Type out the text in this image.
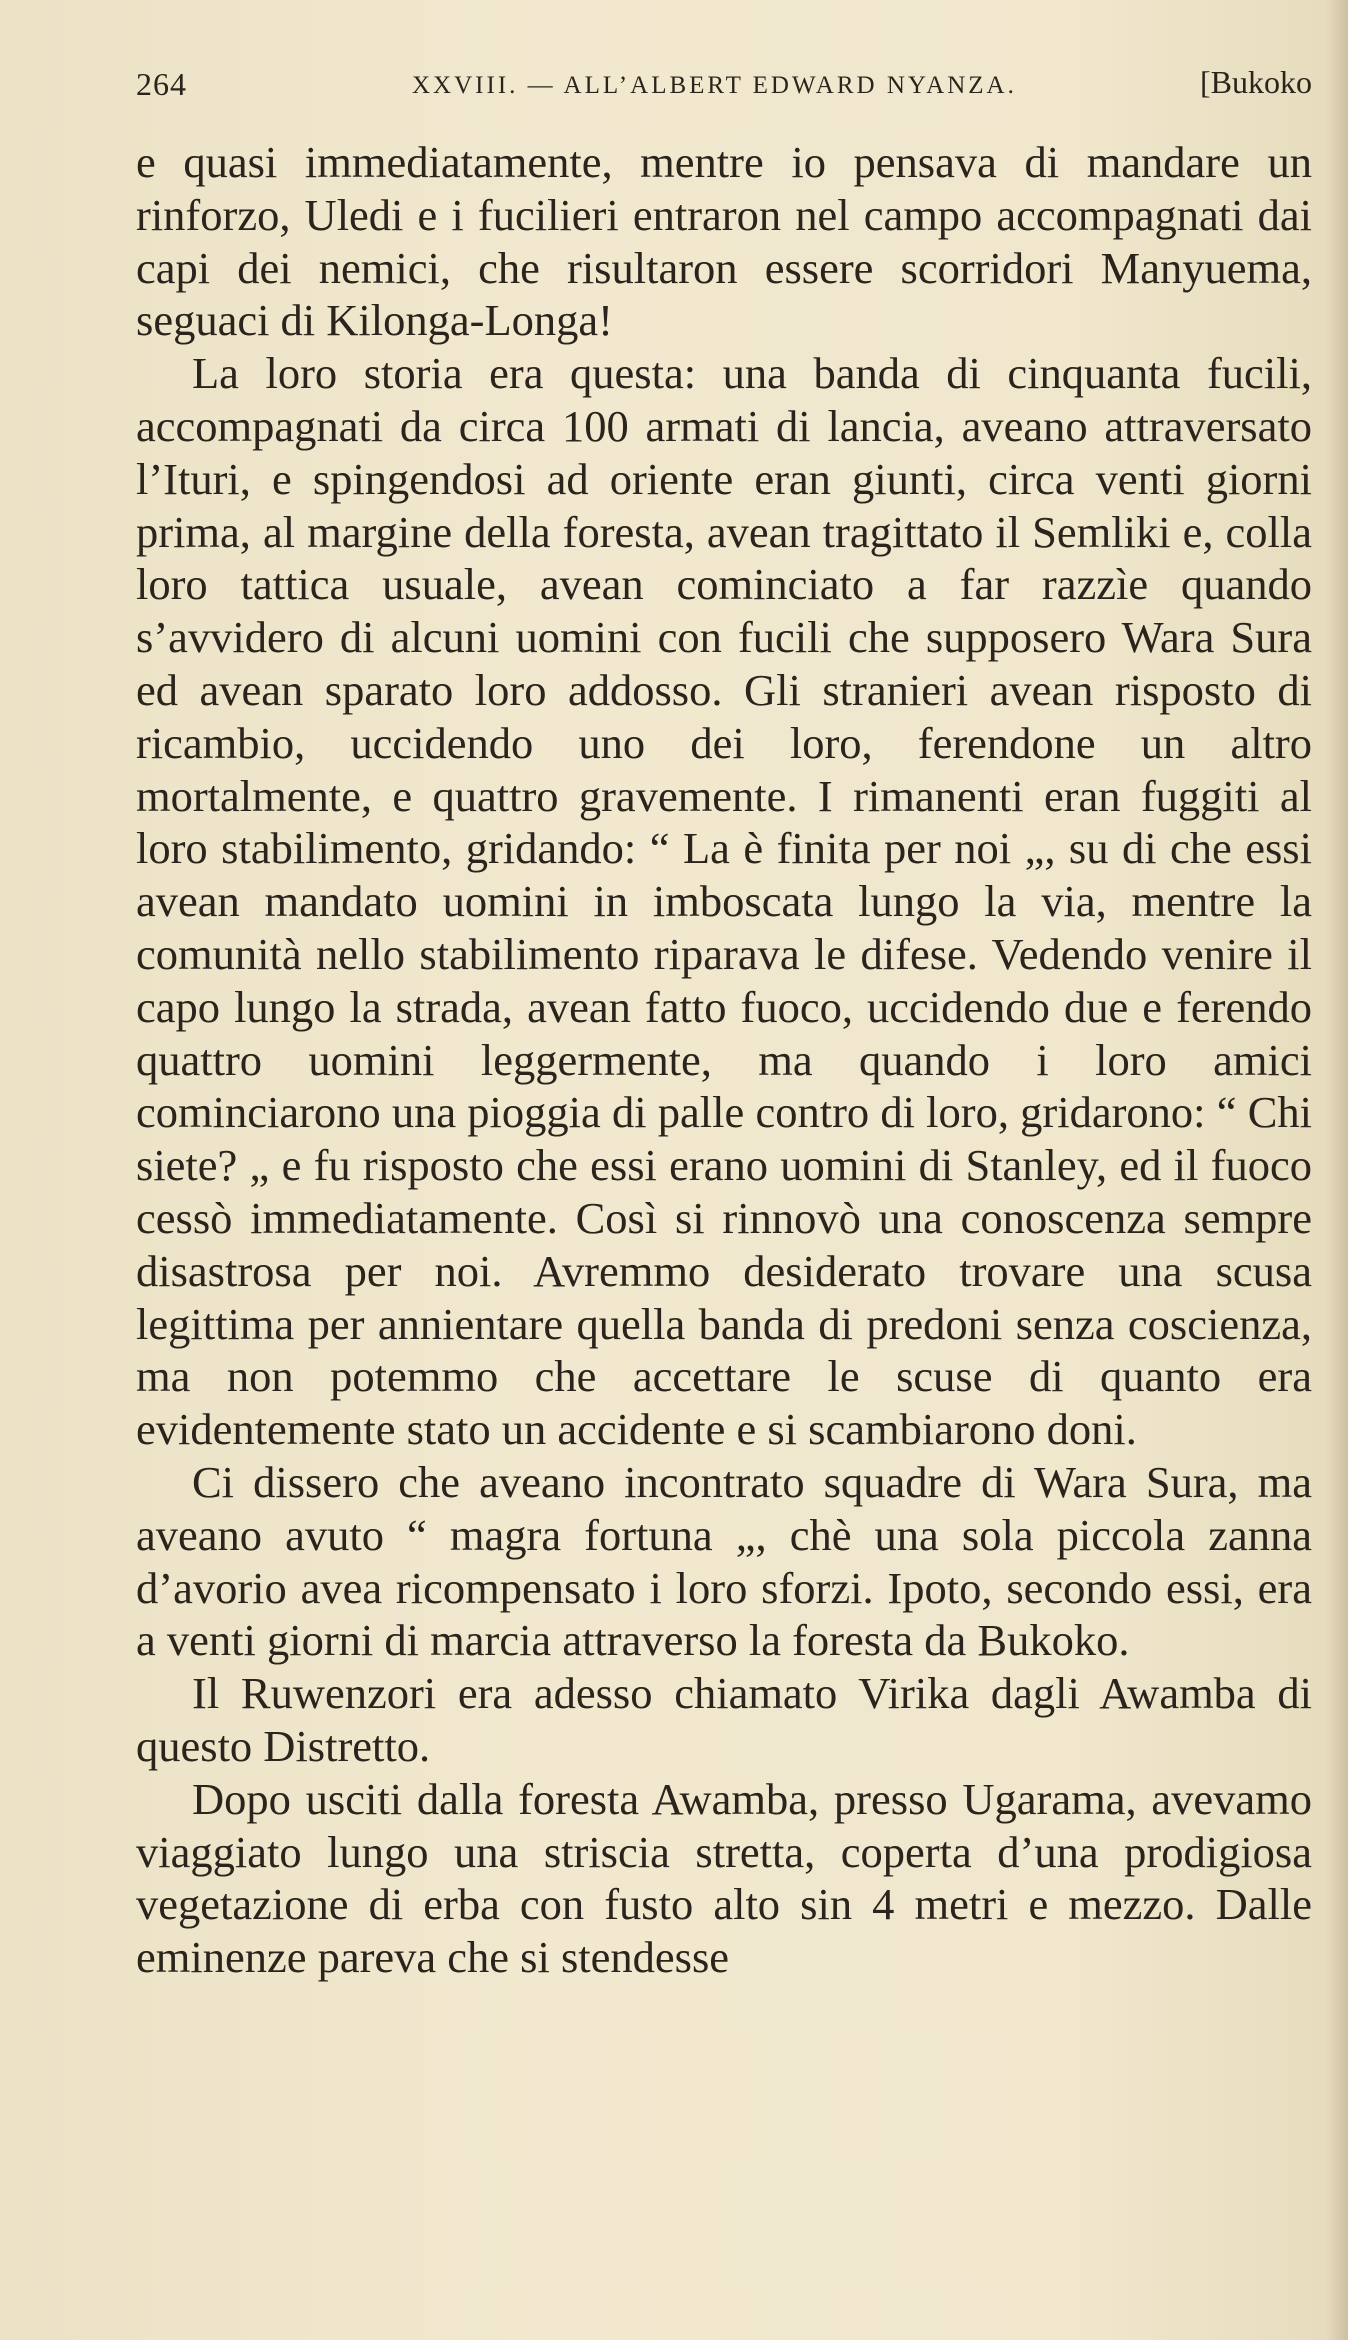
264	XXVIII. — ALL’ALBERT EDWARD NYANZA.	[Bukoko

e quasi immediatamente, mentre io pensava di mandare un rinforzo, Uledi e i fucilieri entraron nel campo accompagnati dai capi dei nemici, che risultaron essere scorridori Manyuema, seguaci di Kilonga-Longa!

La loro storia era questa: una banda di cinquanta fucili, accompagnati da circa 100 armati di lancia, aveano attraversato l’Ituri, e spingendosi ad oriente eran giunti, circa venti giorni prima, al margine della foresta, avean tragittato il Semliki e, colla loro tattica usuale, avean cominciato a far razzìe quando s’avvidero di alcuni uomini con fucili che supposero Wara Sura ed avean sparato loro addosso. Gli stranieri avean risposto di ricambio, uccidendo uno dei loro, ferendone un altro mortalmente, e quattro gravemente. I rimanenti eran fuggiti al loro stabilimento, gridando: “ La è finita per noi „, su di che essi avean mandato uomini in imboscata lungo la via, mentre la comunità nello stabilimento riparava le difese. Vedendo venire il capo lungo la strada, avean fatto fuoco, uccidendo due e ferendo quattro uomini leggermente, ma quando i loro amici cominciarono una pioggia di palle contro di loro, gridarono: “ Chi siete? „ e fu risposto che essi erano uomini di Stanley, ed il fuoco cessò immediatamente. Così si rinnovò una conoscenza sempre disastrosa per noi. Avremmo desiderato trovare una scusa legittima per annientare quella banda di predoni senza coscienza, ma non potemmo che accettare le scuse di quanto era evidentemente stato un accidente e si scambiarono doni.

Ci dissero che aveano incontrato squadre di Wara Sura, ma aveano avuto “ magra fortuna „, chè una sola piccola zanna d’avorio avea ricompensato i loro sforzi. Ipoto, secondo essi, era a venti giorni di marcia attraverso la foresta da Bukoko.

Il Ruwenzori era adesso chiamato Virika dagli Awamba di questo Distretto.

Dopo usciti dalla foresta Awamba, presso Ugarama, avevamo viaggiato lungo una striscia stretta, coperta d’una prodigiosa vegetazione di erba con fusto alto sin 4 metri e mezzo. Dalle eminenze pareva che si stendesse
